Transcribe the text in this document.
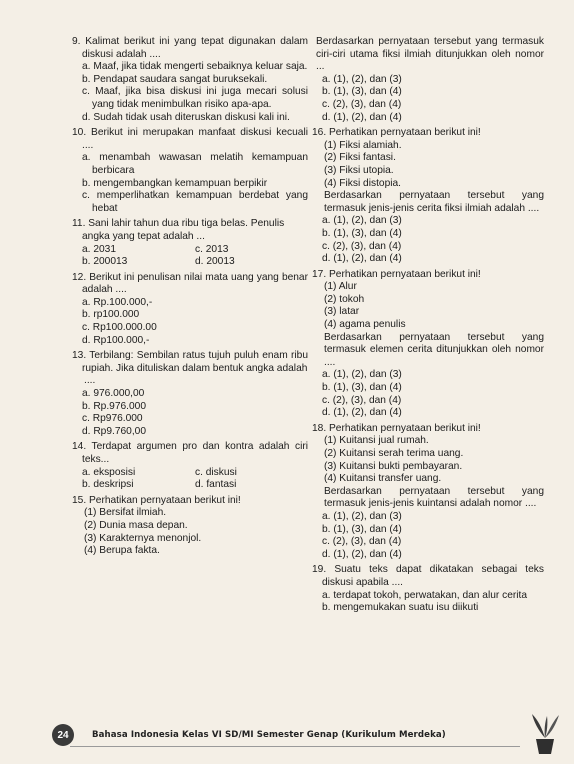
9. Kalimat berikut ini yang tepat digunakan dalam diskusi adalah ....
a. Maaf, jika tidak mengerti sebaiknya keluar saja.
b. Pendapat saudara sangat buruksekali.
c. Maaf, jika bisa diskusi ini juga mecari solusi yang tidak menimbulkan risiko apa-apa.
d. Sudah tidak usah diteruskan diskusi kali ini.
10. Berikut ini merupakan manfaat diskusi kecuali ....
a. menambah wawasan melatih kemampuan berbicara
b. mengembangkan kemampuan berpikir
c. memperlihatkan kemampuan berdebat yang hebat
11. Sani lahir tahun dua ribu tiga belas. Penulis angka yang tepat adalah ...
a. 2031	c. 2013
b. 200013	d. 20013
12. Berikut ini penulisan nilai mata uang yang benar adalah ....
a. Rp.100.000,-
b. rp100.000
c. Rp100.000.00
d. Rp100.000,-
13. Terbilang: Sembilan ratus tujuh puluh enam ribu rupiah. Jika dituliskan dalam bentuk angka adalah
....
a. 976.000,00
b. Rp.976.000
c. Rp976.000
d. Rp9.760,00
14. Terdapat argumen pro dan kontra adalah ciri teks...
a. eksposisi	c. diskusi
b. deskripsi	d. fantasi
15. Perhatikan pernyataan berikut ini!
(1) Bersifat ilmiah.
(2) Dunia masa depan.
(3) Karakternya menonjol.
(4) Berupa fakta.
Berdasarkan pernyataan tersebut yang termasuk ciri-ciri utama fiksi ilmiah ditunjukkan oleh nomor ...
a. (1), (2), dan (3)
b. (1), (3), dan (4)
c. (2), (3), dan (4)
d. (1), (2), dan (4)
16. Perhatikan pernyataan berikut ini!
(1) Fiksi alamiah.
(2) Fiksi fantasi.
(3) Fiksi utopia.
(4) Fiksi distopia.
Berdasarkan pernyataan tersebut yang termasuk jenis-jenis cerita fiksi ilmiah adalah ....
a. (1), (2), dan (3)
b. (1), (3), dan (4)
c. (2), (3), dan (4)
d. (1), (2), dan (4)
17. Perhatikan pernyataan berikut ini!
(1) Alur
(2) tokoh
(3) latar
(4) agama penulis
Berdasarkan pernyataan tersebut yang termasuk elemen cerita ditunjukkan oleh nomor ....
a. (1), (2), dan (3)
b. (1), (3), dan (4)
c. (2), (3), dan (4)
d. (1), (2), dan (4)
18. Perhatikan pernyataan berikut ini!
(1) Kuitansi jual rumah.
(2) Kuitansi serah terima uang.
(3) Kuitansi bukti pembayaran.
(4) Kuitansi transfer uang.
Berdasarkan pernyataan tersebut yang termasuk jenis-jenis kuintansi adalah nomor ....
a. (1), (2), dan (3)
b. (1), (3), dan (4)
c. (2), (3), dan (4)
d. (1), (2), dan (4)
19. Suatu teks dapat dikatakan sebagai teks diskusi apabila ....
a. terdapat tokoh, perwatakan, dan alur cerita
b. mengemukakan suatu isu diikuti
24	Bahasa Indonesia Kelas VI SD/MI Semester Genap (Kurikulum Merdeka)
